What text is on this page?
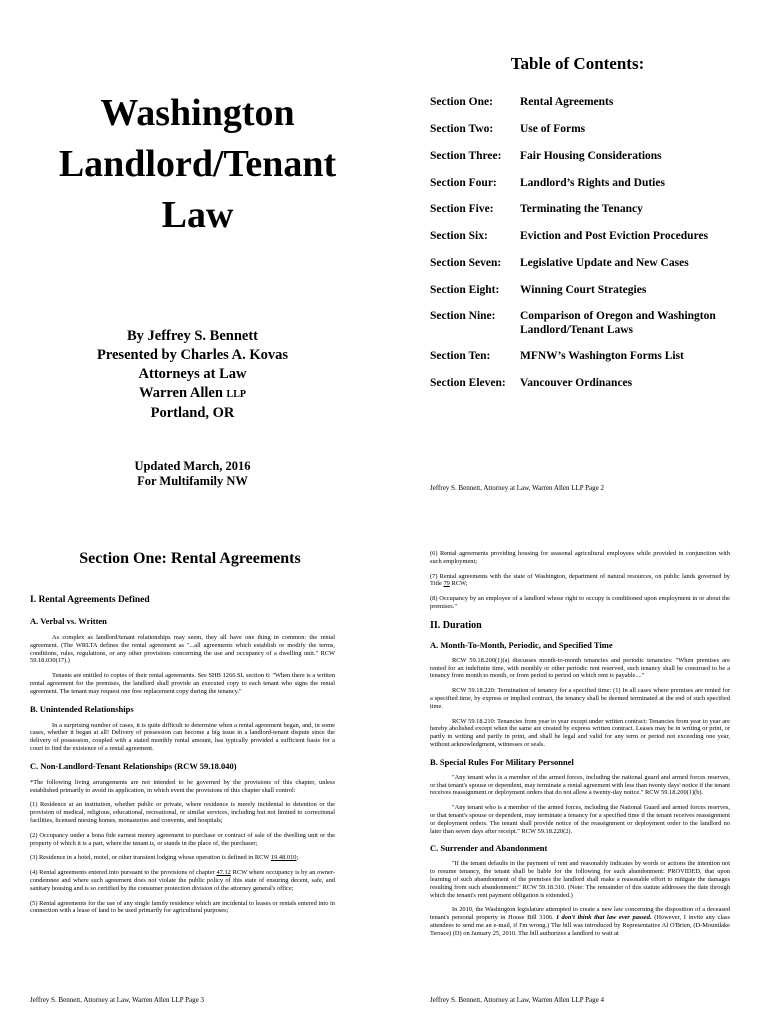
Washington
Landlord/Tenant
Law
By Jeffrey S. Bennett
Presented by Charles A. Kovas
Attorneys at Law
Warren Allen LLP
Portland, OR
Updated March, 2016
For Multifamily NW
Table of Contents:
Section One:	Rental Agreements
Section Two:	Use of Forms
Section Three:	Fair Housing Considerations
Section Four:	Landlord’s Rights and Duties
Section Five:	Terminating the Tenancy
Section Six:	Eviction and Post Eviction Procedures
Section Seven:	Legislative Update and New Cases
Section Eight:	Winning Court Strategies
Section Nine:	Comparison of Oregon and Washington Landlord/Tenant Laws
Section Ten:	MFNW’s Washington Forms List
Section Eleven:	Vancouver Ordinances
Jeffrey S. Bennett, Attorney at Law, Warren Allen LLP Page 2
Section One: Rental Agreements
I. Rental Agreements Defined
A. Verbal vs. Written
As complex as landlord/tenant relationships may seem, they all have one thing in common: the rental agreement. (The WRLTA defines the rental agreement as "...all agreements which establish or modify the terms, conditions, rules, regulations, or any other provisions concerning the use and occupancy of a dwelling unit." RCW 59.18.030(17).)
Tenants are entitled to copies of their rental agreements. See SHB 1266.SL section 6: "When there is a written rental agreement for the premises, the landlord shall provide an executed copy to each tenant who signs the rental agreement. The tenant may request one free replacement copy during the tenancy."
B. Unintended Relationships
In a surprising number of cases, it is quite difficult to determine when a rental agreement began, and, in some cases, whether it began at all! Delivery of possession can become a big issue in a landlord-tenant dispute since the delivery of possession, coupled with a stated monthly rental amount, has typically provided a sufficient basis for a court to find the existence of a rental agreement.
C. Non-Landlord-Tenant Relationships (RCW 59.18.040)
*The following living arrangements are not intended to be governed by the provisions of this chapter, unless established primarily to avoid its application, in which event the provisions of this chapter shall control:
(1) Residence at an institution, whether public or private, where residence is merely incidental to detention or the provision of medical, religious, educational, recreational, or similar services, including but not limited to correctional facilities, licensed nursing homes, monasteries and convents, and hospitals;
(2) Occupancy under a bona fide earnest money agreement to purchase or contract of sale of the dwelling unit or the property of which it is a part, where the tenant is, or stands in the place of, the purchaser;
(3) Residence in a hotel, motel, or other transient lodging whose operation is defined in RCW 19.48.010;
(4) Rental agreements entered into pursuant to the provisions of chapter 47.12 RCW where occupancy is by an owner-condemnee and where such agreement does not violate the public policy of this state of ensuring decent, safe, and sanitary housing and is so certified by the consumer protection division of the attorney general's office;
(5) Rental agreements for the use of any single family residence which are incidental to leases or rentals entered into in connection with a lease of land to be used primarily for agricultural purposes;
Jeffrey S. Bennett, Attorney at Law, Warren Allen LLP Page 3
(6) Rental agreements providing housing for seasonal agricultural employees while provided in conjunction with such employment;
(7) Rental agreements with the state of Washington, department of natural resources, on public lands governed by Title 79 RCW;
(8) Occupancy by an employee of a landlord whose right to occupy is conditioned upon employment in or about the premises."
II. Duration
A. Month-To-Month, Periodic, and Specified Time
RCW 59.18.200(1)(a) discusses month-to-month tenancies and periodic tenancies: "When premises are rented for an indefinite time, with monthly or other periodic rent reserved, such tenancy shall be construed to be a tenancy from month to month, or from period to period on which rent is payable...."
RCW 59.18.220: Termination of tenancy for a specified time: (1) In all cases where premises are rented for a specified time, by express or implied contract, the tenancy shall be deemed terminated at the end of such specified time.
RCW 59.18.210: Tenancies from year to year except under written contract: Tenancies from year to year are hereby abolished except when the same are created by express written contract. Leases may be in writing or print, or partly in writing and partly in print, and shall be legal and valid for any term or period not exceeding one year, without acknowledgment, witnesses or seals.
B. Special Rules For Military Personnel
"Any tenant who is a member of the armed forces, including the national guard and armed forces reserves, or that tenant's spouse or dependent, may terminate a rental agreement with less than twenty days' notice if the tenant receives reassignment or deployment orders that do not allow a twenty-day notice." RCW 59.18.200(1)(b).
"Any tenant who is a member of the armed forces, including the National Guard and armed forces reserves, or that tenant's spouse or dependent, may terminate a tenancy for a specified time if the tenant receives reassignment or deployment orders. The tenant shall provide notice of the reassignment or deployment order to the landlord no later than seven days after receipt." RCW 59.18.220(2).
C. Surrender and Abandonment
"If the tenant defaults in the payment of rent and reasonably indicates by words or actions the intention not to resume tenancy, the tenant shall be liable for the following for such abandonment: PROVIDED, that upon learning of such abandonment of the premises the landlord shall make a reasonable effort to mitigate the damages resulting from such abandonment:" RCW 59.18.310. (Note: The remainder of this statute addresses the date through which the tenant's rent payment obligation is extended.)
In 2010, the Washington legislature attempted to create a new law concerning the disposition of a deceased tenant's personal property in House Bill 3106. I don't think that law ever passed. (However, I invite any class attendees to send me an e-mail, if I'm wrong.) The bill was introduced by Representative Al O'Brien, (D-Mountlake Terrace) (D) on January 25, 2010. The bill authorizes a landlord to wait at
Jeffrey S. Bennett, Attorney at Law, Warren Allen LLP Page 4
